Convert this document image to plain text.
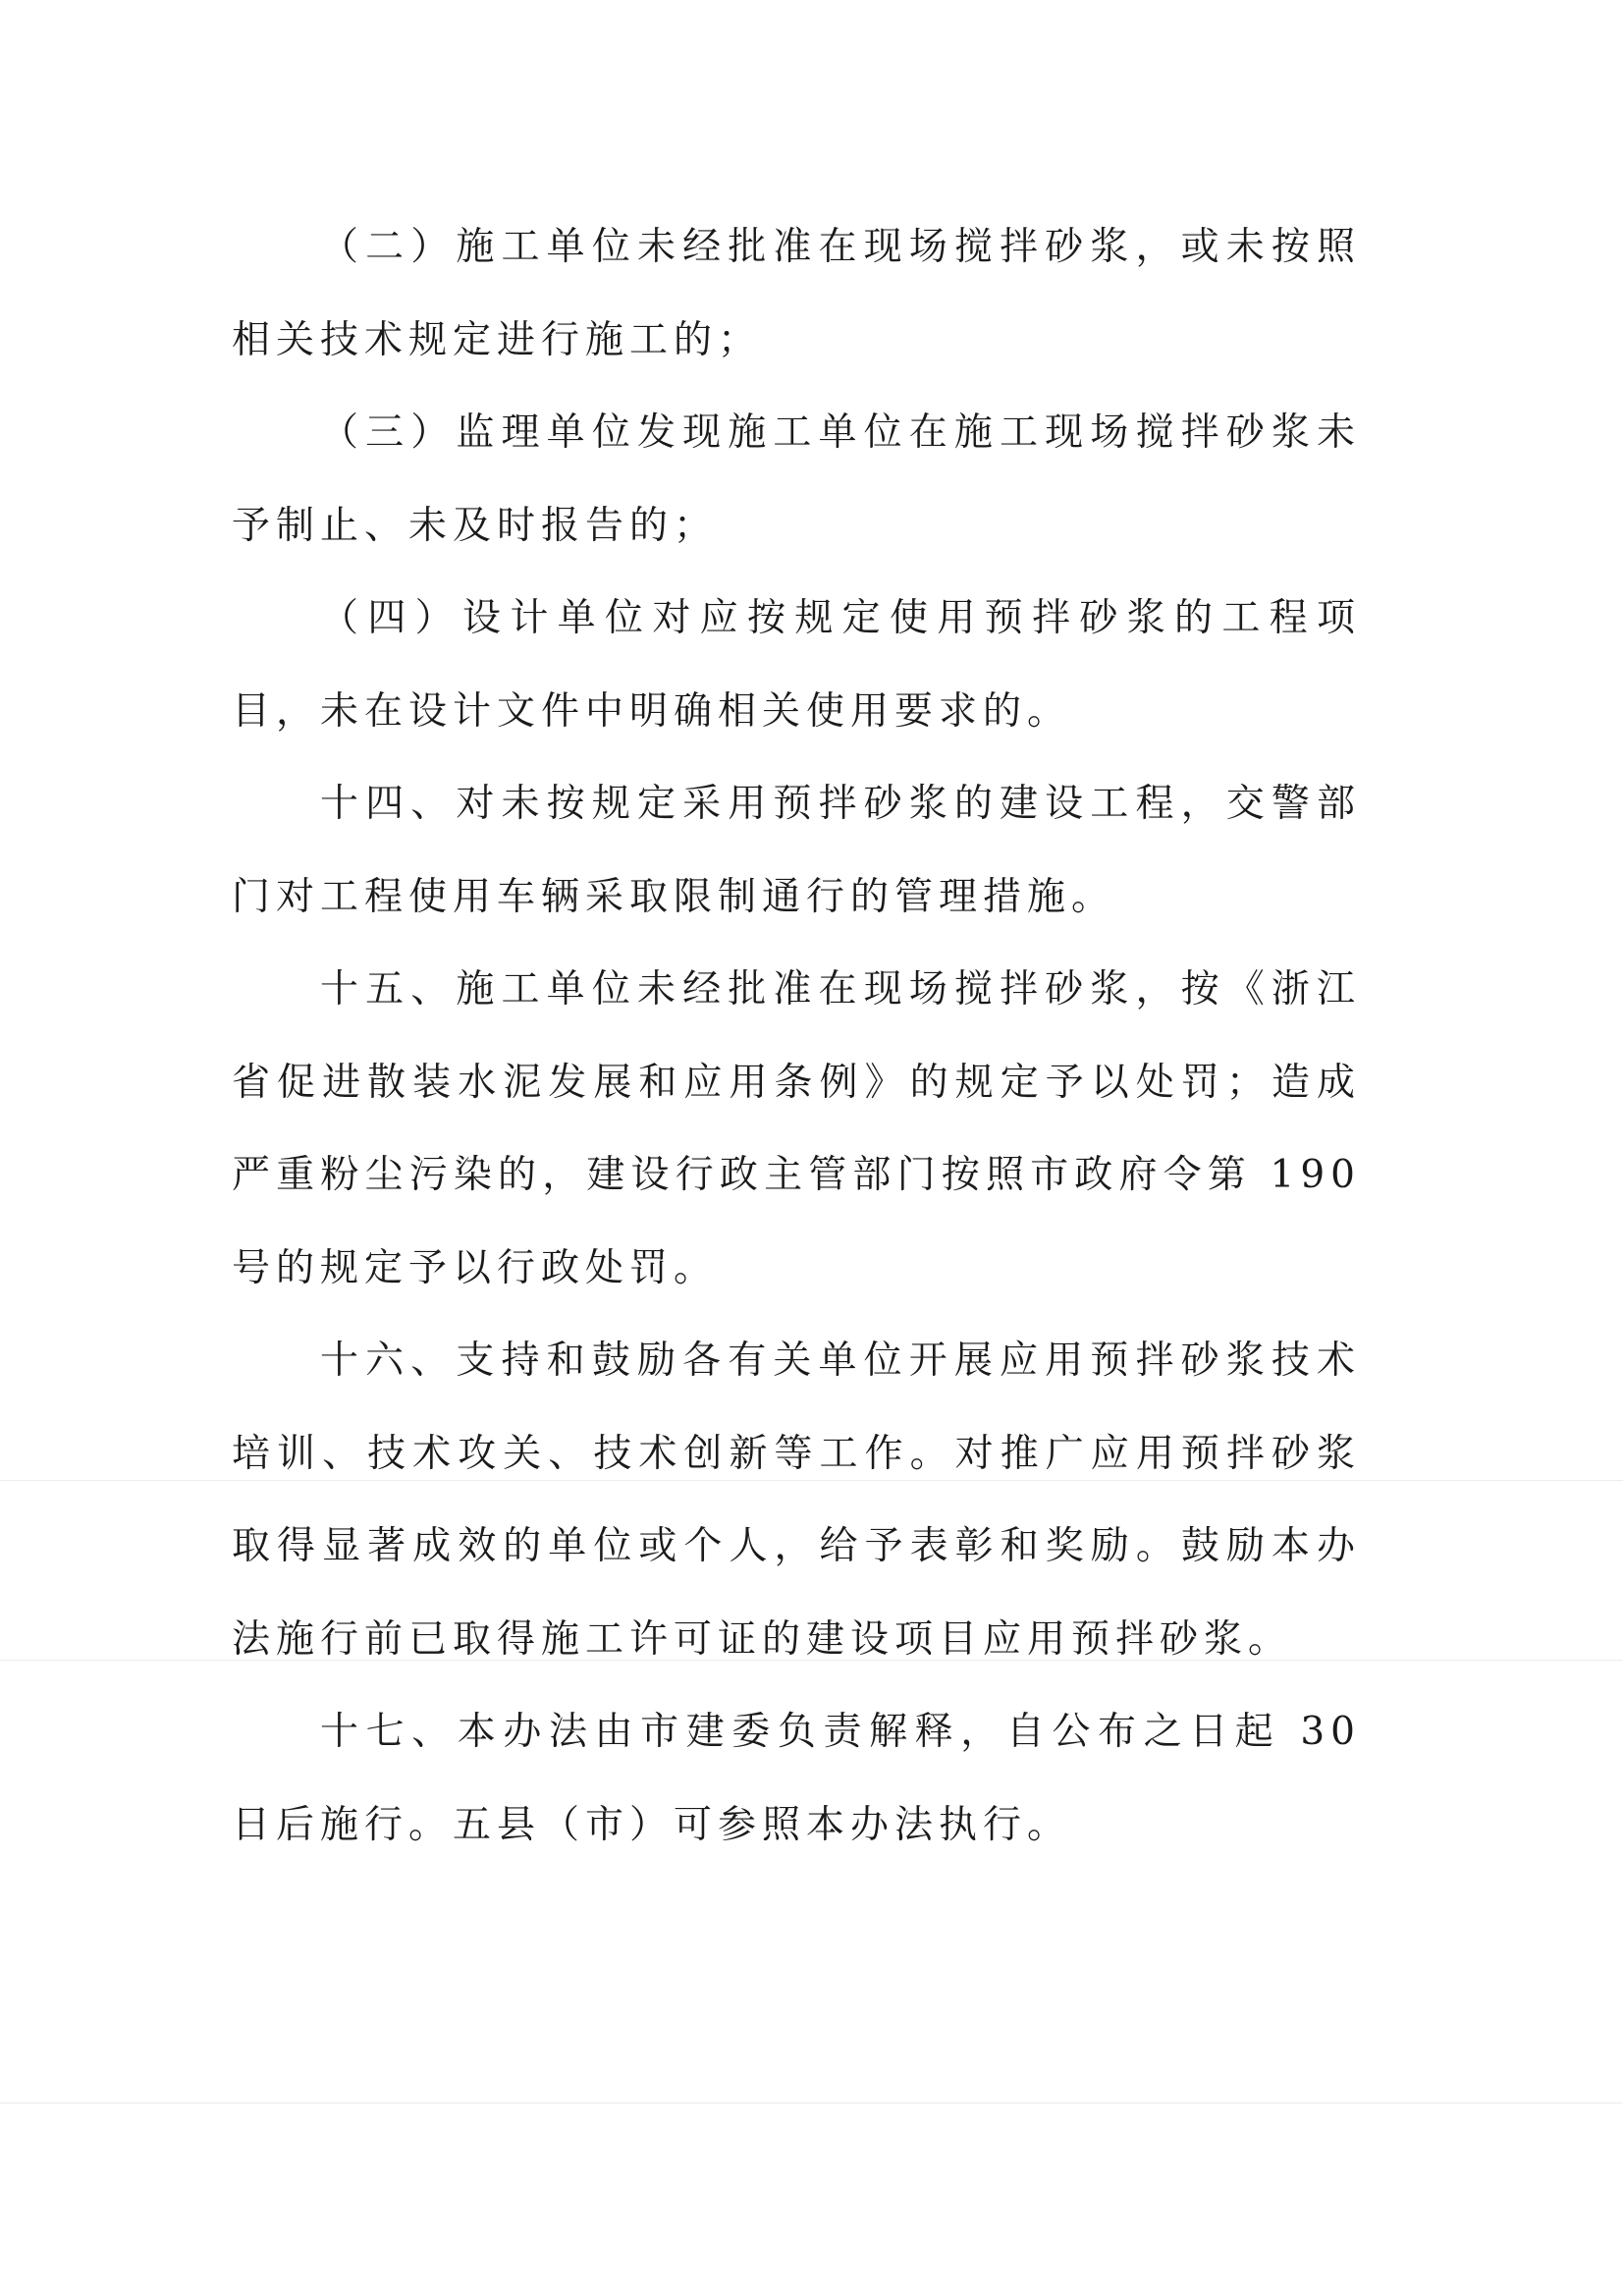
（二）施工单位未经批准在现场搅拌砂浆，或未按照相关技术规定进行施工的；

（三）监理单位发现施工单位在施工现场搅拌砂浆未予制止、未及时报告的；

（四）设计单位对应按规定使用预拌砂浆的工程项目，未在设计文件中明确相关使用要求的。

十四、对未按规定采用预拌砂浆的建设工程，交警部门对工程使用车辆采取限制通行的管理措施。

十五、施工单位未经批准在现场搅拌砂浆，按《浙江省促进散装水泥发展和应用条例》的规定予以处罚；造成严重粉尘污染的，建设行政主管部门按照市政府令第 190 号的规定予以行政处罚。

十六、支持和鼓励各有关单位开展应用预拌砂浆技术培训、技术攻关、技术创新等工作。对推广应用预拌砂浆取得显著成效的单位或个人，给予表彰和奖励。鼓励本办法施行前已取得施工许可证的建设项目应用预拌砂浆。

十七、本办法由市建委负责解释，自公布之日起 30 日后施行。五县（市）可参照本办法执行。
